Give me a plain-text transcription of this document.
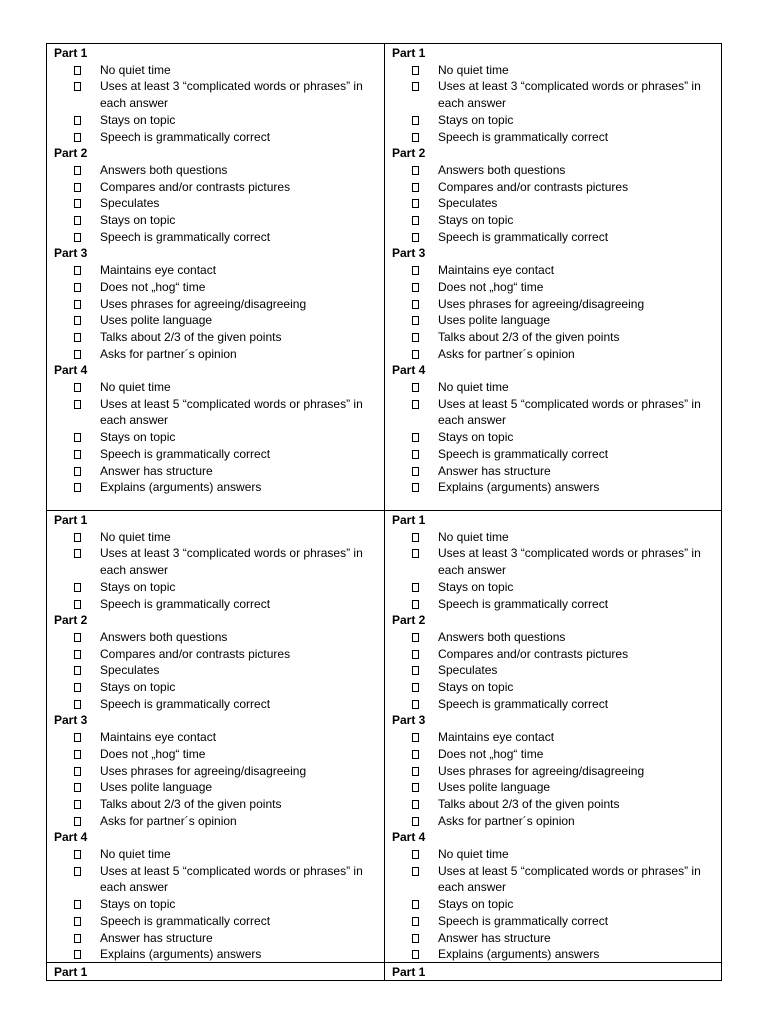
Part 1
No quiet time
Uses at least 3 “complicated words or phrases” in each answer
Stays on topic
Speech is grammatically correct
Part 2
Answers both questions
Compares and/or contrasts pictures
Speculates
Stays on topic
Speech is grammatically correct
Part 3
Maintains eye contact
Does not „hog“ time
Uses phrases for agreeing/disagreeing
Uses polite language
Talks about 2/3 of the given points
Asks for partner´s opinion
Part 4
No quiet time
Uses at least 5 “complicated words or phrases” in each answer
Stays on topic
Speech is grammatically correct
Answer has structure
Explains (arguments) answers
Part 1
No quiet time
Uses at least 3 “complicated words or phrases” in each answer
Stays on topic
Speech is grammatically correct
Part 2
Answers both questions
Compares and/or contrasts pictures
Speculates
Stays on topic
Speech is grammatically correct
Part 3
Maintains eye contact
Does not „hog“ time
Uses phrases for agreeing/disagreeing
Uses polite language
Talks about 2/3 of the given points
Asks for partner´s opinion
Part 4
No quiet time
Uses at least 5 “complicated words or phrases” in each answer
Stays on topic
Speech is grammatically correct
Answer has structure
Explains (arguments) answers
Part 1
No quiet time
Uses at least 3 “complicated words or phrases” in each answer
Stays on topic
Speech is grammatically correct
Part 2
Answers both questions
Compares and/or contrasts pictures
Speculates
Stays on topic
Speech is grammatically correct
Part 3
Maintains eye contact
Does not „hog“ time
Uses phrases for agreeing/disagreeing
Uses polite language
Talks about 2/3 of the given points
Asks for partner´s opinion
Part 4
No quiet time
Uses at least 5 “complicated words or phrases” in each answer
Stays on topic
Speech is grammatically correct
Answer has structure
Explains (arguments) answers
Part 1
No quiet time
Uses at least 3 “complicated words or phrases” in each answer
Stays on topic
Speech is grammatically correct
Part 2
Answers both questions
Compares and/or contrasts pictures
Speculates
Stays on topic
Speech is grammatically correct
Part 3
Maintains eye contact
Does not „hog“ time
Uses phrases for agreeing/disagreeing
Uses polite language
Talks about 2/3 of the given points
Asks for partner´s opinion
Part 4
No quiet time
Uses at least 5 “complicated words or phrases” in each answer
Stays on topic
Speech is grammatically correct
Answer has structure
Explains (arguments) answers
Part 1	Part 1
